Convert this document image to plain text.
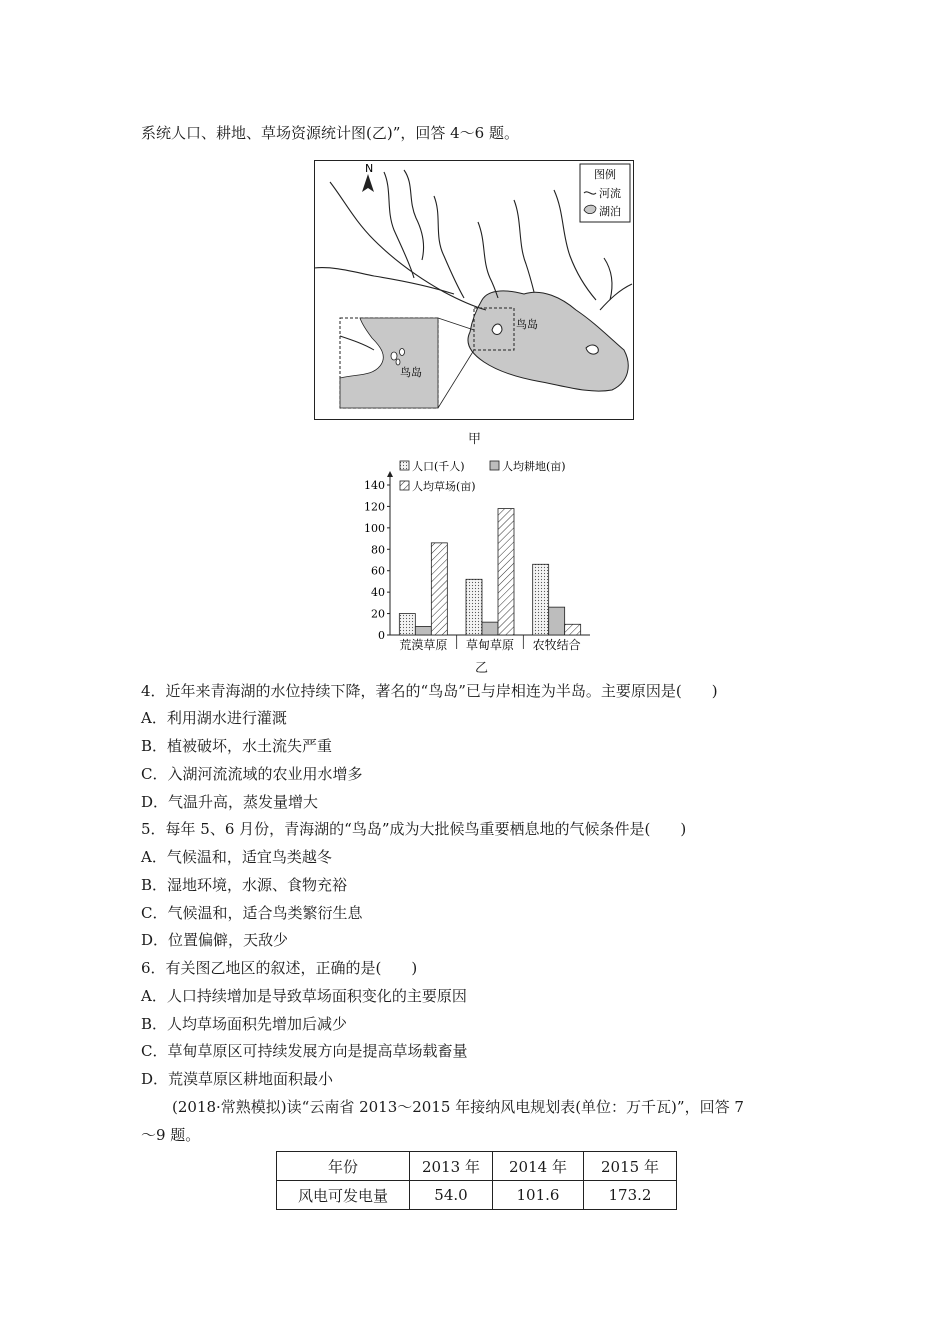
系统人口、耕地、草场资源统计图(乙)”，回答 4～6 题。
N	图例
河流
湖泊
鸟岛
鸟岛
甲
0
20
40
60
80
100
120
140
荒漠草原 草甸草原 农牧结合
人口(千人)	人均耕地(亩)
人均草场(亩)
乙
4．近年来青海湖的水位持续下降，著名的“鸟岛”已与岸相连为半岛。主要原因是(　　)
A．利用湖水进行灌溉
B．植被破坏，水土流失严重
C．入湖河流流域的农业用水增多
D．气温升高，蒸发量增大
5．每年 5、6 月份，青海湖的“鸟岛”成为大批候鸟重要栖息地的气候条件是(　　)
A．气候温和，适宜鸟类越冬
B．湿地环境，水源、食物充裕
C．气候温和，适合鸟类繁衍生息
D．位置偏僻，天敌少
6．有关图乙地区的叙述，正确的是(　　)
A．人口持续增加是导致草场面积变化的主要原因
B．人均草场面积先增加后减少
C．草甸草原区可持续发展方向是提高草场载畜量
D．荒漠草原区耕地面积最小
(2018·常熟模拟)读“云南省 2013～2015 年接纳风电规划表(单位：万千瓦)”，回答 7
～9 题。
年份	2013 年	2014 年	2015 年
风电可发电量	54.0	101.6	173.2
